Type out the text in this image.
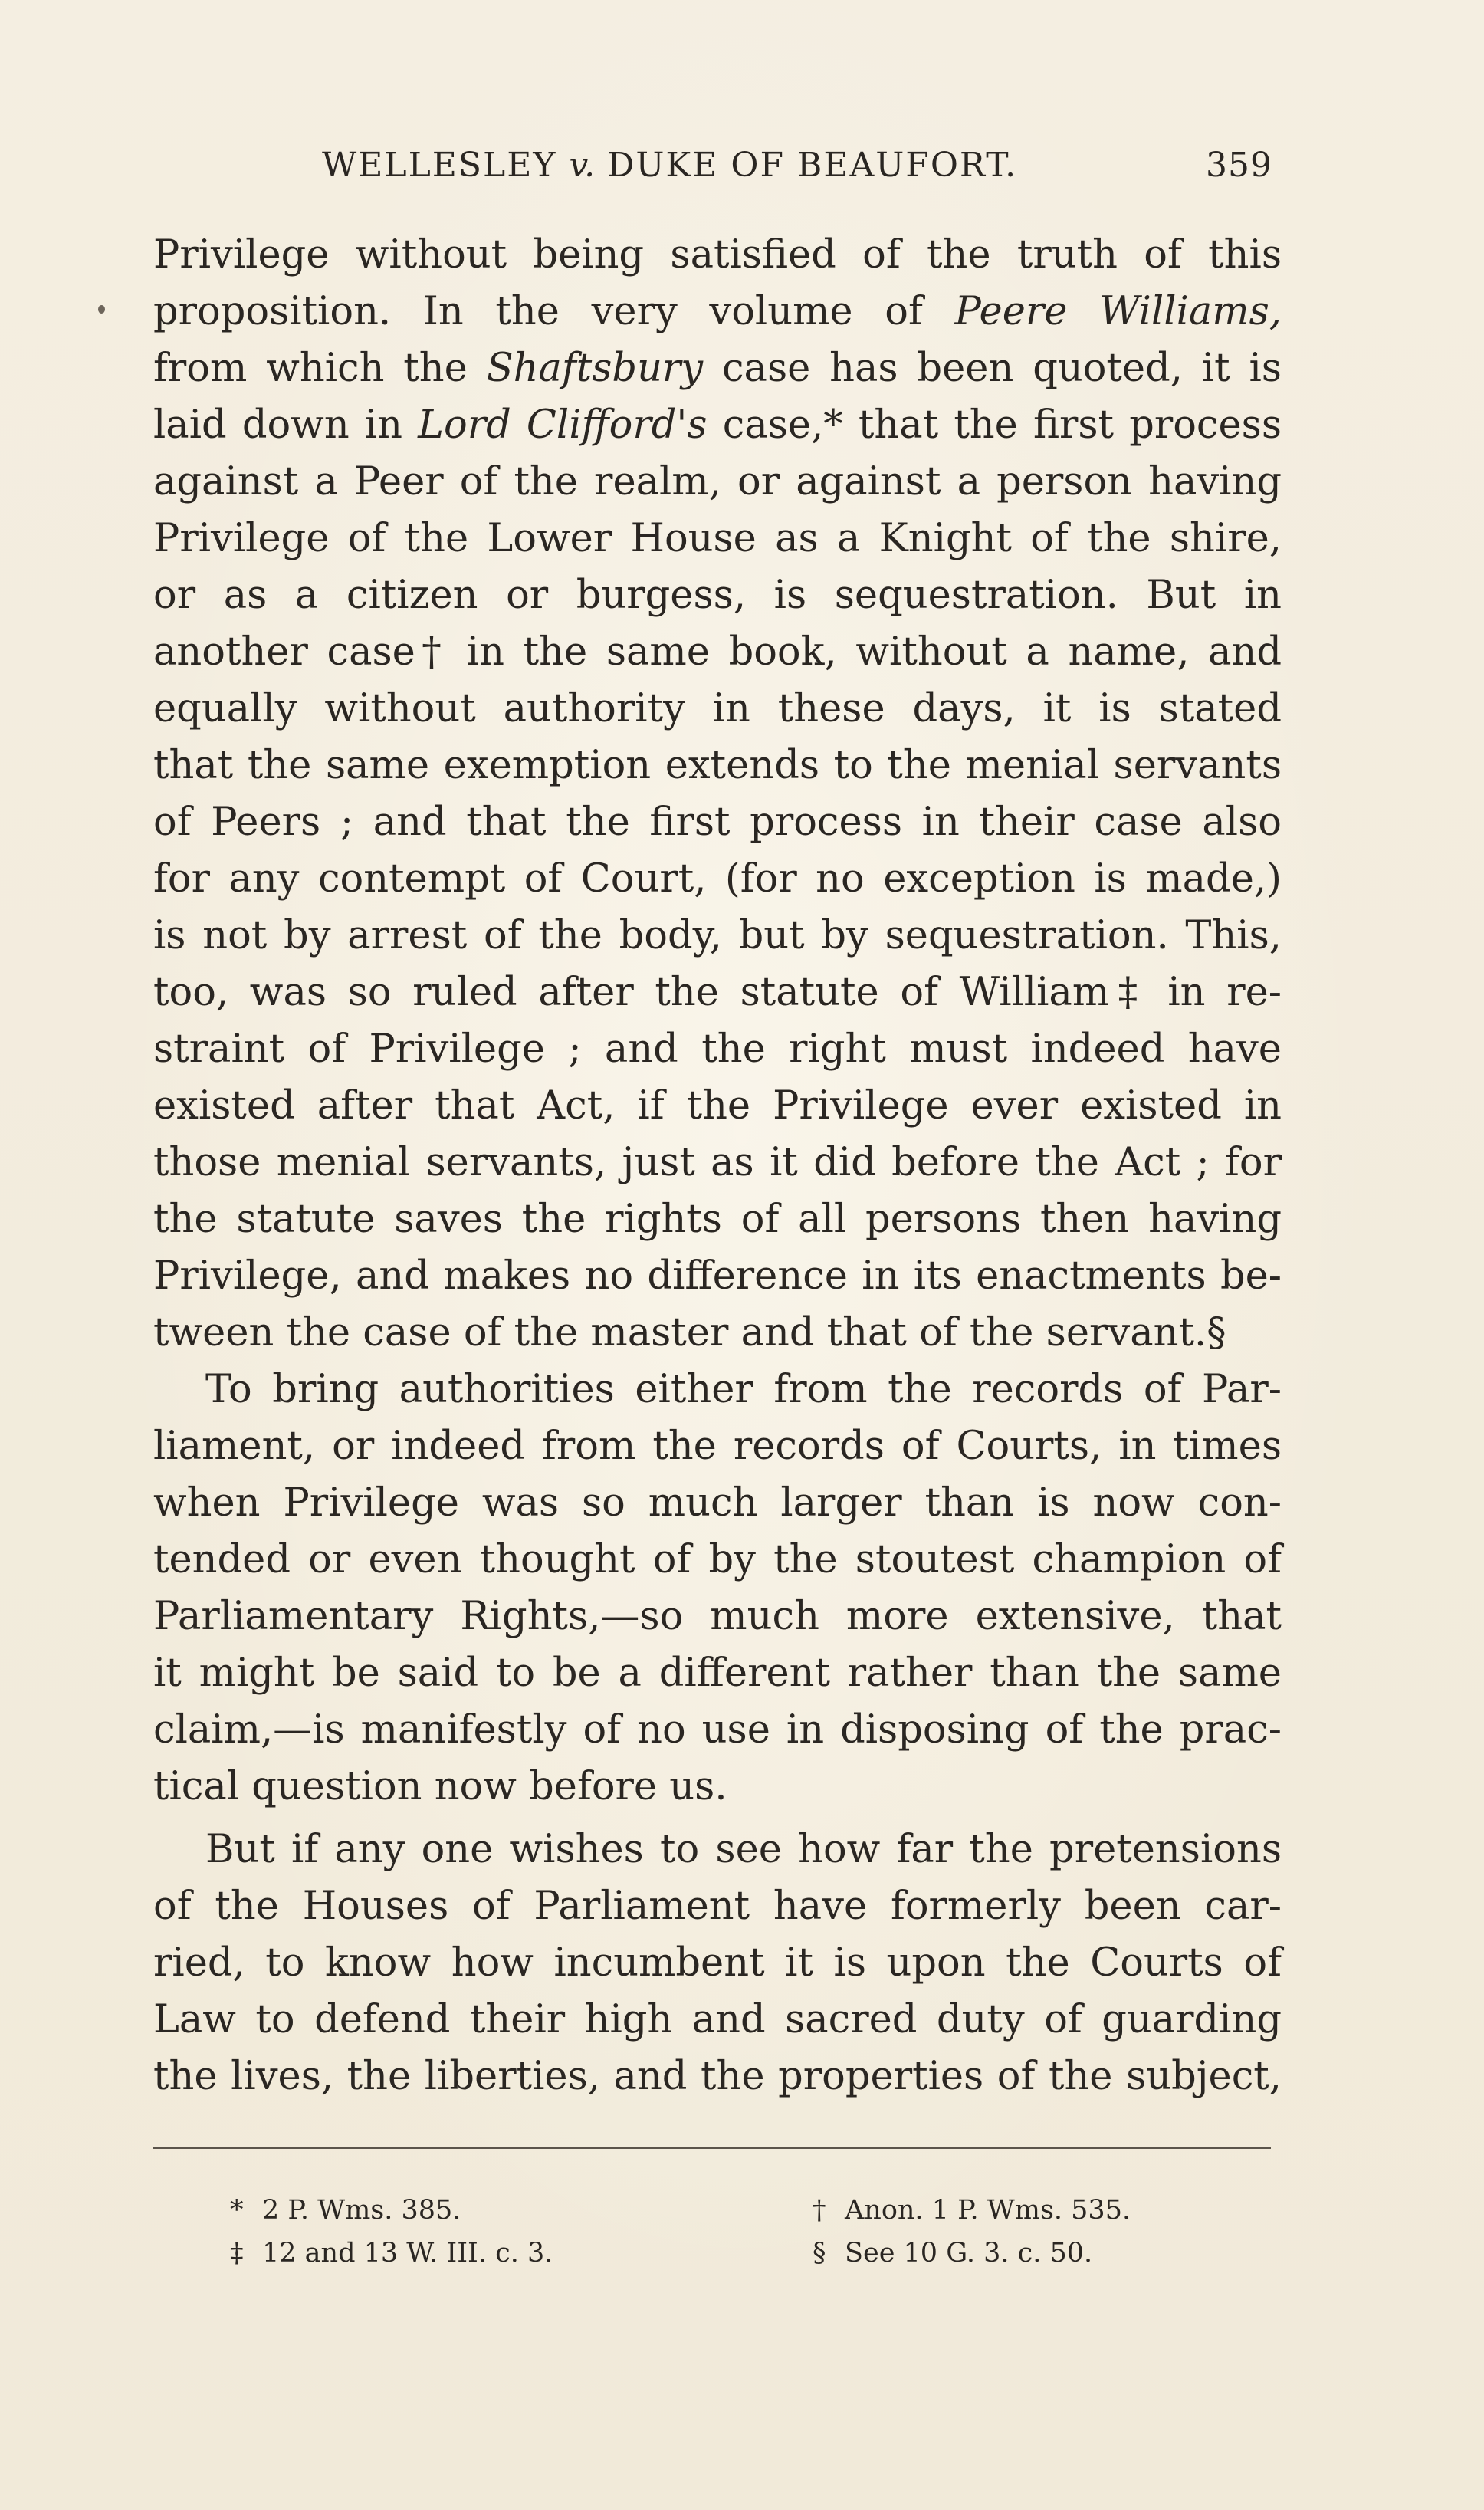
WELLESLEY v. DUKE OF BEAUFORT.	359
Privilege without being satisfied of the truth of this
proposition. In the very volume of Peere Williams,
from which the Shaftsbury case has been quoted, it is
laid down in Lord Clifford's case,* that the first process
against a Peer of the realm, or against a person having
Privilege of the Lower House as a Knight of the shire,
or as a citizen or burgess, is sequestration. But in
another case† in the same book, without a name, and
equally without authority in these days, it is stated
that the same exemption extends to the menial servants
of Peers ; and that the first process in their case also
for any contempt of Court, (for no exception is made,)
is not by arrest of the body, but by sequestration. This,
too, was so ruled after the statute of William‡ in re-
straint of Privilege ; and the right must indeed have
existed after that Act, if the Privilege ever existed in
those menial servants, just as it did before the Act ; for
the statute saves the rights of all persons then having
Privilege, and makes no difference in its enactments be-
tween the case of the master and that of the servant.§
To bring authorities either from the records of Par-
liament, or indeed from the records of Courts, in times
when Privilege was so much larger than is now con-
tended or even thought of by the stoutest champion of
Parliamentary Rights,—so much more extensive, that
it might be said to be a different rather than the same
claim,—is manifestly of no use in disposing of the prac-
tical question now before us.
But if any one wishes to see how far the pretensions
of the Houses of Parliament have formerly been car-
ried, to know how incumbent it is upon the Courts of
Law to defend their high and sacred duty of guarding
the lives, the liberties, and the properties of the subject,
* 2 P. Wms. 385.	† Anon. 1 P. Wms. 535.
‡ 12 and 13 W. III. c. 3.	§ See 10 G. 3. c. 50.
